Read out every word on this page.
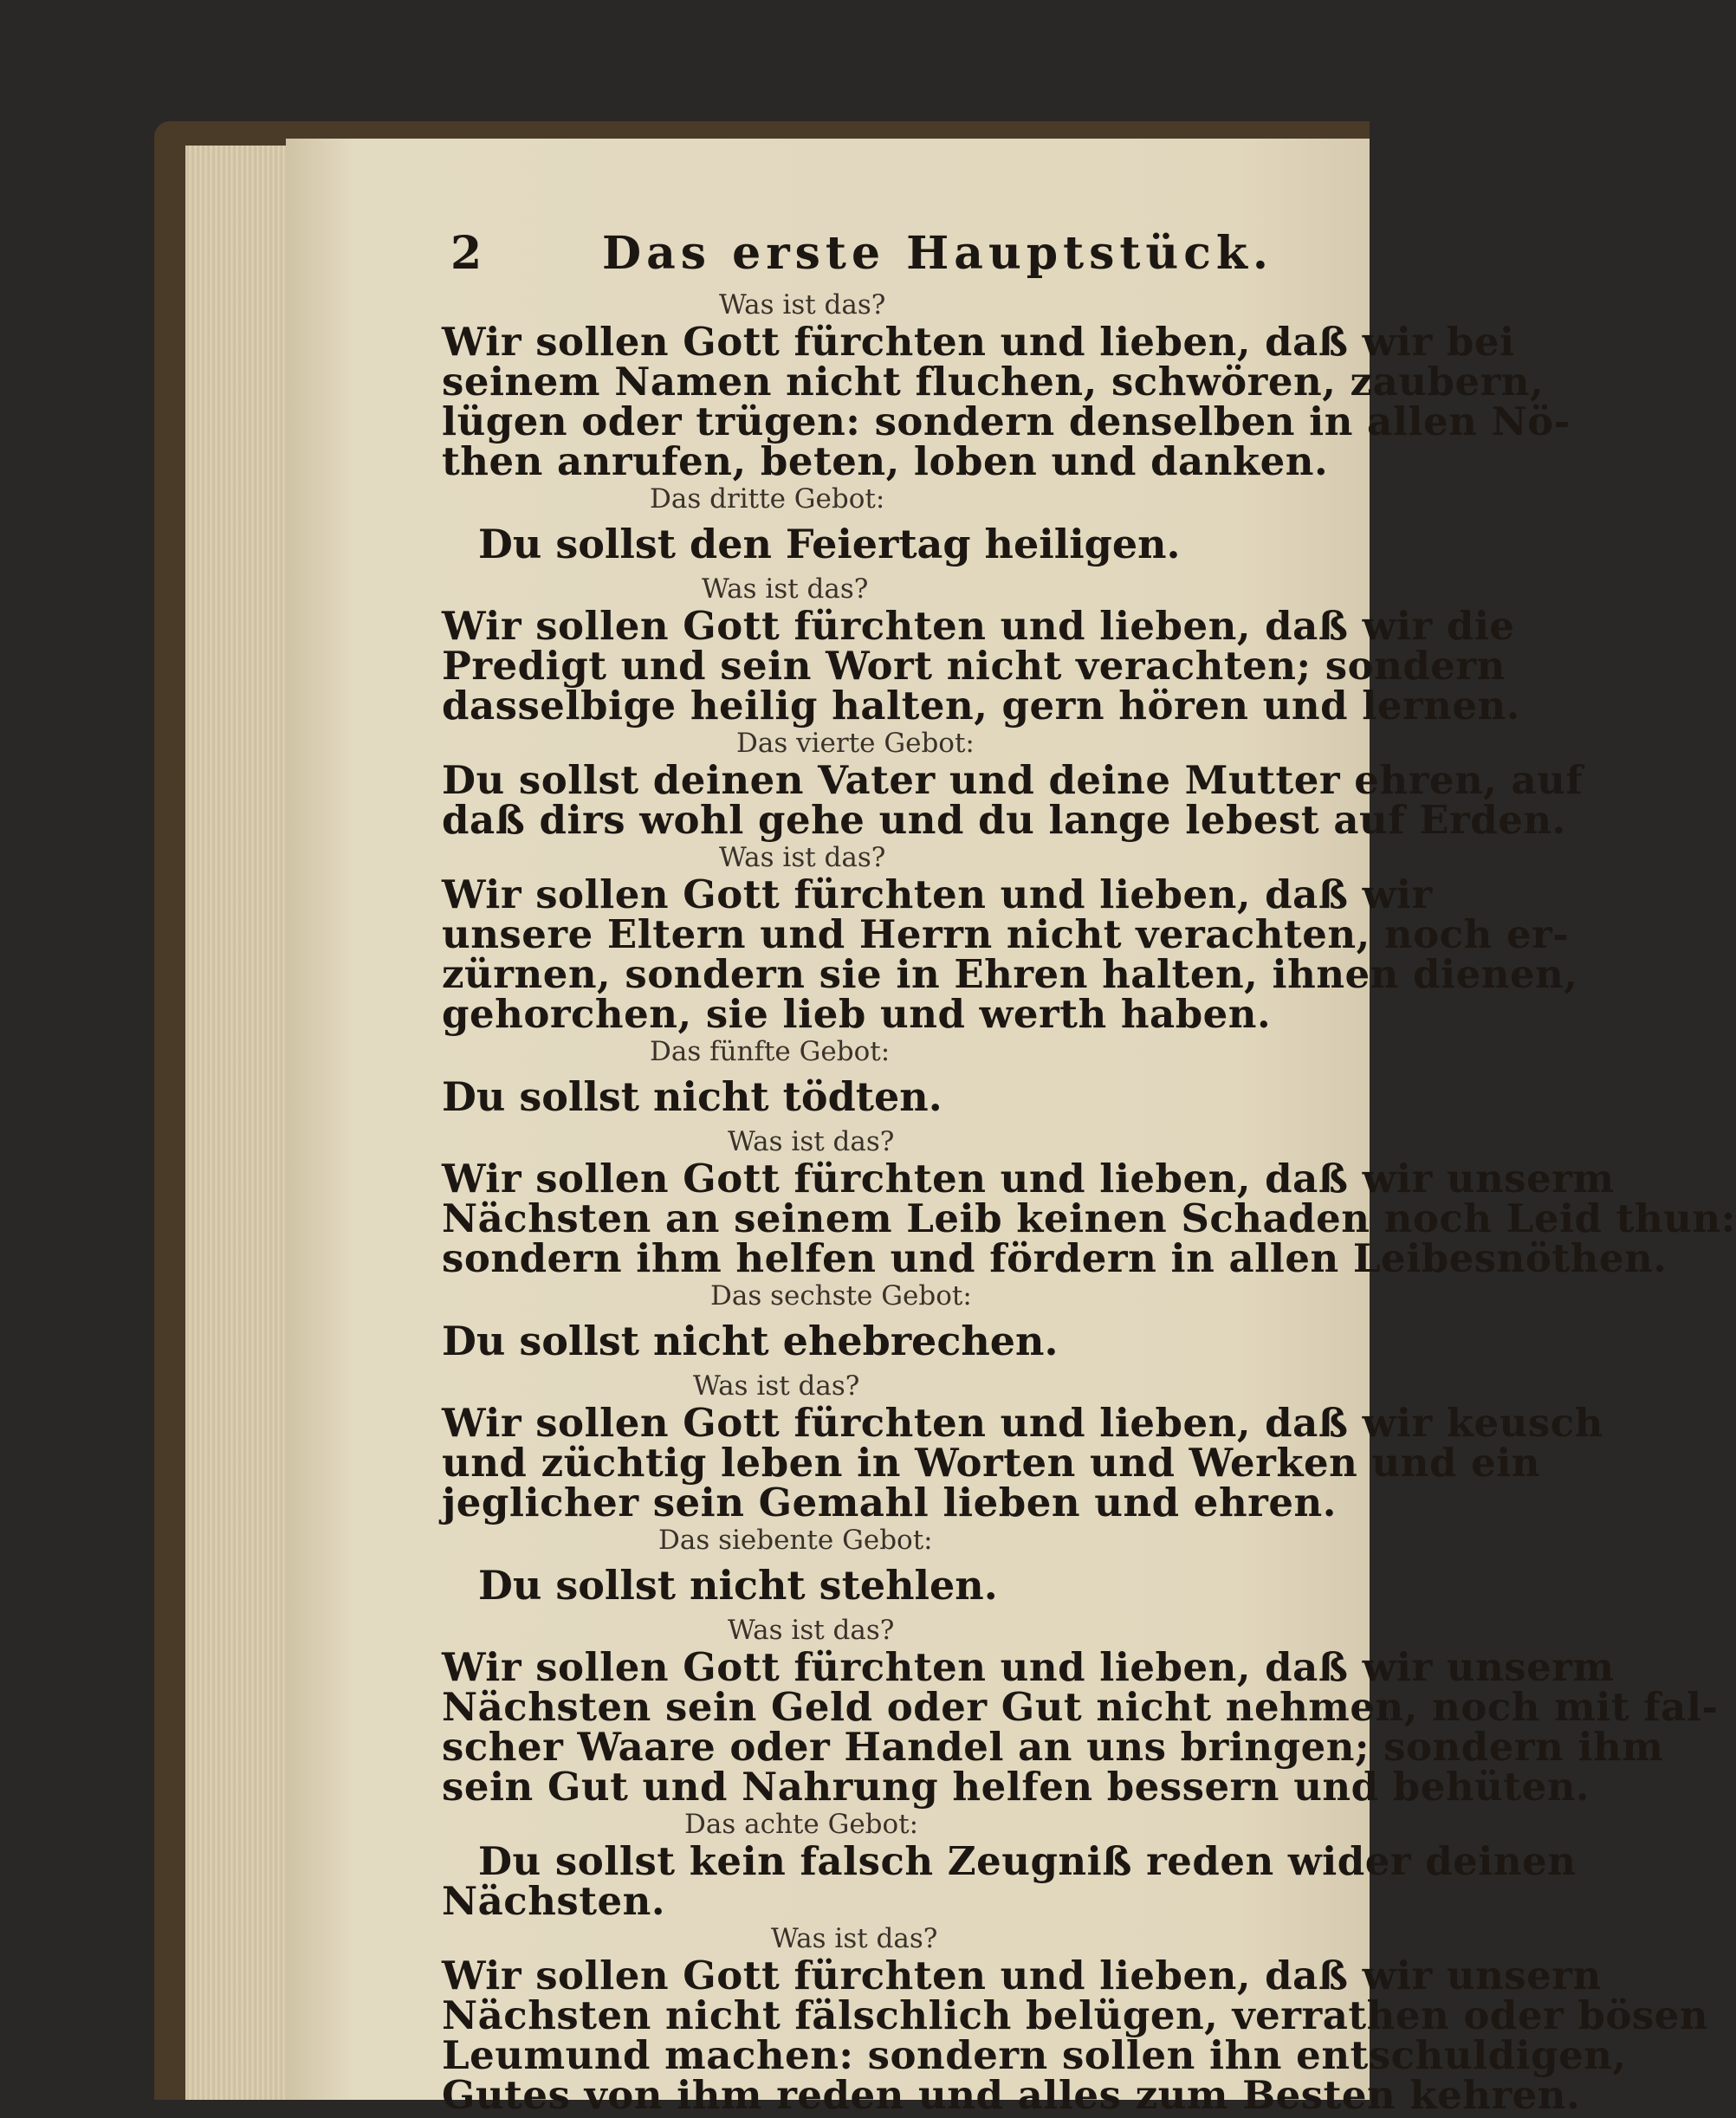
2	Das erste Hauptstück.
Was ist das?
Wir sollen Gott fürchten und lieben, daß wir bei
seinem Namen nicht fluchen, schwören, zaubern,
lügen oder trügen: sondern denselben in allen Nö-
then anrufen, beten, loben und danken.
Das dritte Gebot:
Du sollst den Feiertag heiligen.
Was ist das?
Wir sollen Gott fürchten und lieben, daß wir die
Predigt und sein Wort nicht verachten; sondern
dasselbige heilig halten, gern hören und lernen.
Das vierte Gebot:
Du sollst deinen Vater und deine Mutter ehren, auf
daß dirs wohl gehe und du lange lebest auf Erden.
Was ist das?
Wir sollen Gott fürchten und lieben, daß wir
unsere Eltern und Herrn nicht verachten, noch er-
zürnen, sondern sie in Ehren halten, ihnen dienen,
gehorchen, sie lieb und werth haben.
Das fünfte Gebot:
Du sollst nicht tödten.
Was ist das?
Wir sollen Gott fürchten und lieben, daß wir unserm
Nächsten an seinem Leib keinen Schaden noch Leid thun:
sondern ihm helfen und fördern in allen Leibesnöthen.
Das sechste Gebot:
Du sollst nicht ehebrechen.
Was ist das?
Wir sollen Gott fürchten und lieben, daß wir keusch
und züchtig leben in Worten und Werken und ein
jeglicher sein Gemahl lieben und ehren.
Das siebente Gebot:
Du sollst nicht stehlen.
Was ist das?
Wir sollen Gott fürchten und lieben, daß wir unserm
Nächsten sein Geld oder Gut nicht nehmen, noch mit fal-
scher Waare oder Handel an uns bringen; sondern ihm
sein Gut und Nahrung helfen bessern und behüten.
Das achte Gebot:
Du sollst kein falsch Zeugniß reden wider deinen
Nächsten.
Was ist das?
Wir sollen Gott fürchten und lieben, daß wir unsern
Nächsten nicht fälschlich belügen, verrathen oder bösen
Leumund machen: sondern sollen ihn entschuldigen,
Gutes von ihm reden und alles zum Besten kehren.
